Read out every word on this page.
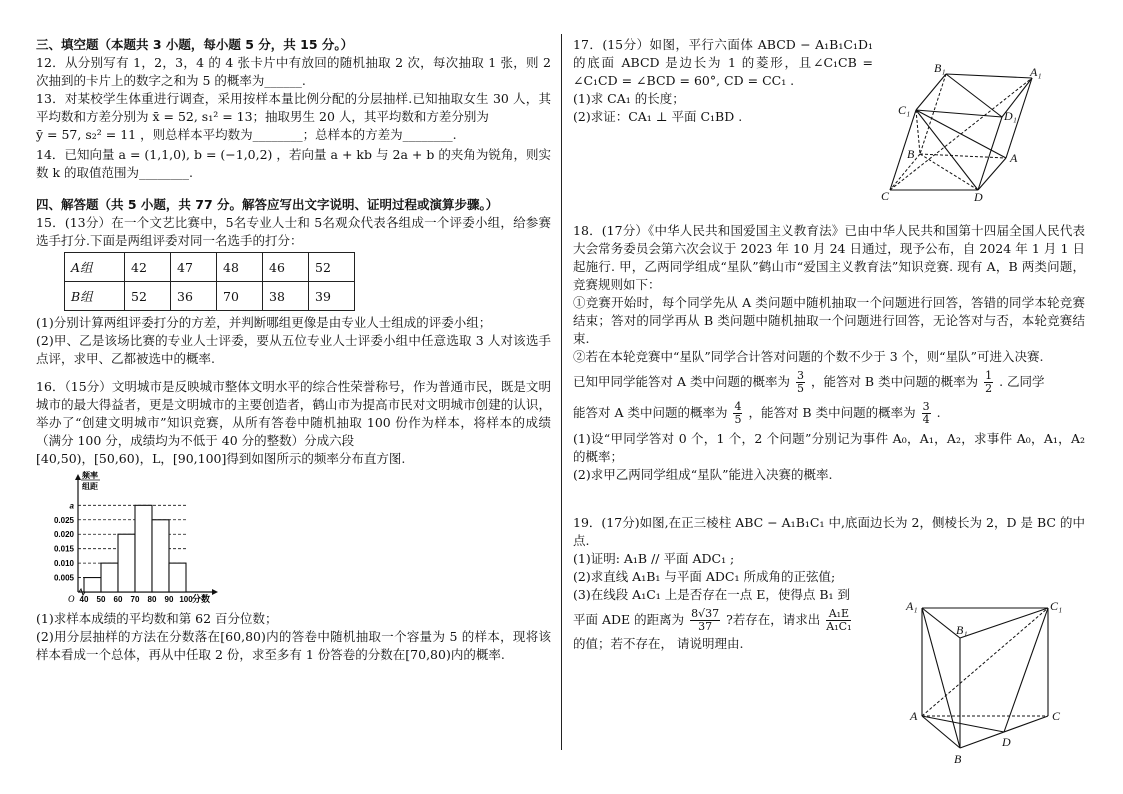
三、填空题（本题共 3 小题，每小题 5 分，共 15 分。）

12．从分别写有 1，2，3，4 的 4 张卡片中有放回的随机抽取 2 次，每次抽取 1 张，则 2 次抽到的卡片上的数字之和为 5 的概率为______.

13．对某校学生体重进行调查，采用按样本量比例分配的分层抽样.已知抽取女生 30 人，其平均数和方差分别为 x̄ = 52, s₁² = 13；抽取男生 20 人，其平均数和方差分别为

ȳ = 57, s₂² = 11 ，则总样本平均数为________；总样本的方差为________.

14．已知向量 a = (1,1,0), b = (−1,0,2) ，若向量 a + kb 与 2a + b 的夹角为锐角，则实数 k 的取值范围为________.

四、解答题（共 5 小题，共 77 分。解答应写出文字说明、证明过程或演算步骤。）

15．(13分）在一个文艺比赛中，5名专业人士和 5名观众代表各组成一个评委小组，给参赛选手打分.下面是两组评委对同一名选手的打分：

A组	42	47	48	46	52
B组	52	36	70	38	39

(1)分别计算两组评委打分的方差，并判断哪组更像是由专业人士组成的评委小组；

(2)甲、乙是该场比赛的专业人士评委，要从五位专业人士评委小组中任意选取 3 人对该选手点评，求甲、乙都被选中的概率.

16．（15分）文明城市是反映城市整体文明水平的综合性荣誉称号，作为普通市民，既是文明城市的最大得益者，更是文明城市的主要创造者，鹤山市为提高市民对文明城市创建的认识，举办了“创建文明城市”知识竞赛，从所有答卷中随机抽取 100 份作为样本，将样本的成绩（满分 100 分，成绩均为不低于 40 分的整数）分成六段

[40,50)，[50,60)，L，[90,100]得到如图所示的频率分布直方图.

0.005
0.010
0.015
0.020
0.025
a
40 50 60 70 80 90 100 分数
O
频率
组距

(1)求样本成绩的平均数和第 62 百分位数；

(2)用分层抽样的方法在分数落在[60,80)内的答卷中随机抽取一个容量为 5 的样本，现将该样本看成一个总体，再从中任取 2 份，求至多有 1 份答卷的分数在[70,80)内的概率.

17．(15分）如图，平行六面体 ABCD − A₁B₁C₁D₁ 的底面 ABCD 是边长为 1 的菱形，且∠C₁CB = ∠C₁CD = ∠BCD = 60°, CD = CC₁ .

(1)求 CA₁ 的长度；

(2)求证：CA₁ ⊥ 平面 C₁BD .

18．(17分）《中华人民共和国爱国主义教育法》已由中华人民共和国第十四届全国人民代表大会常务委员会第六次会议于 2023 年 10 月 24 日通过，现予公布，自 2024 年 1 月 1 日起施行. 甲，乙两同学组成“星队”鹤山市“爱国主义教育法”知识竞赛. 现有 A，B 两类问题，竞赛规则如下：

①竞赛开始时，每个同学先从 A 类问题中随机抽取一个问题进行回答，答错的同学本轮竞赛结束；答对的同学再从 B 类问题中随机抽取一个问题进行回答，无论答对与否，本轮竞赛结束.

②若在本轮竞赛中“星队”同学合计答对问题的个数不少于 3 个，则“星队”可进入决赛.

已知甲同学能答对 A 类中问题的概率为 $\frac{3}{5}$ ，能答对 B 类中问题的概率为 $\frac{1}{2}$ . 乙同学

能答对 A 类中问题的概率为 $\frac{4}{5}$ ，能答对 B 类中问题的概率为 $\frac{3}{4}$ .

(1)设“甲同学答对 0 个，1 个，2 个问题”分别记为事件 A₀，A₁，A₂，求事件 A₀，A₁，A₂ 的概率；

(2)求甲乙两同学组成“星队”能进入决赛的概率.

19．(17分)如图,在正三棱柱 ABC − A₁B₁C₁ 中,底面边长为 2，侧棱长为 2，D 是 BC 的中点.

(1)证明: A₁B // 平面 ADC₁ ;

(2)求直线 A₁B₁ 与平面 ADC₁ 所成角的正弦值;

(3)在线段 A₁C₁ 上是否存在一点 E，使得点 B₁ 到

平面 ADE 的距离为 $\frac{8√37}{37}$ ?若存在，请求出 $\frac{\text{A₁E}}{\text{A₁C₁}}$

的值；若不存在， 请说明理由.

B₁	A₁
C₁	D₁
B	A
C	D
A₁	C₁
B₁
A	C
D
B
